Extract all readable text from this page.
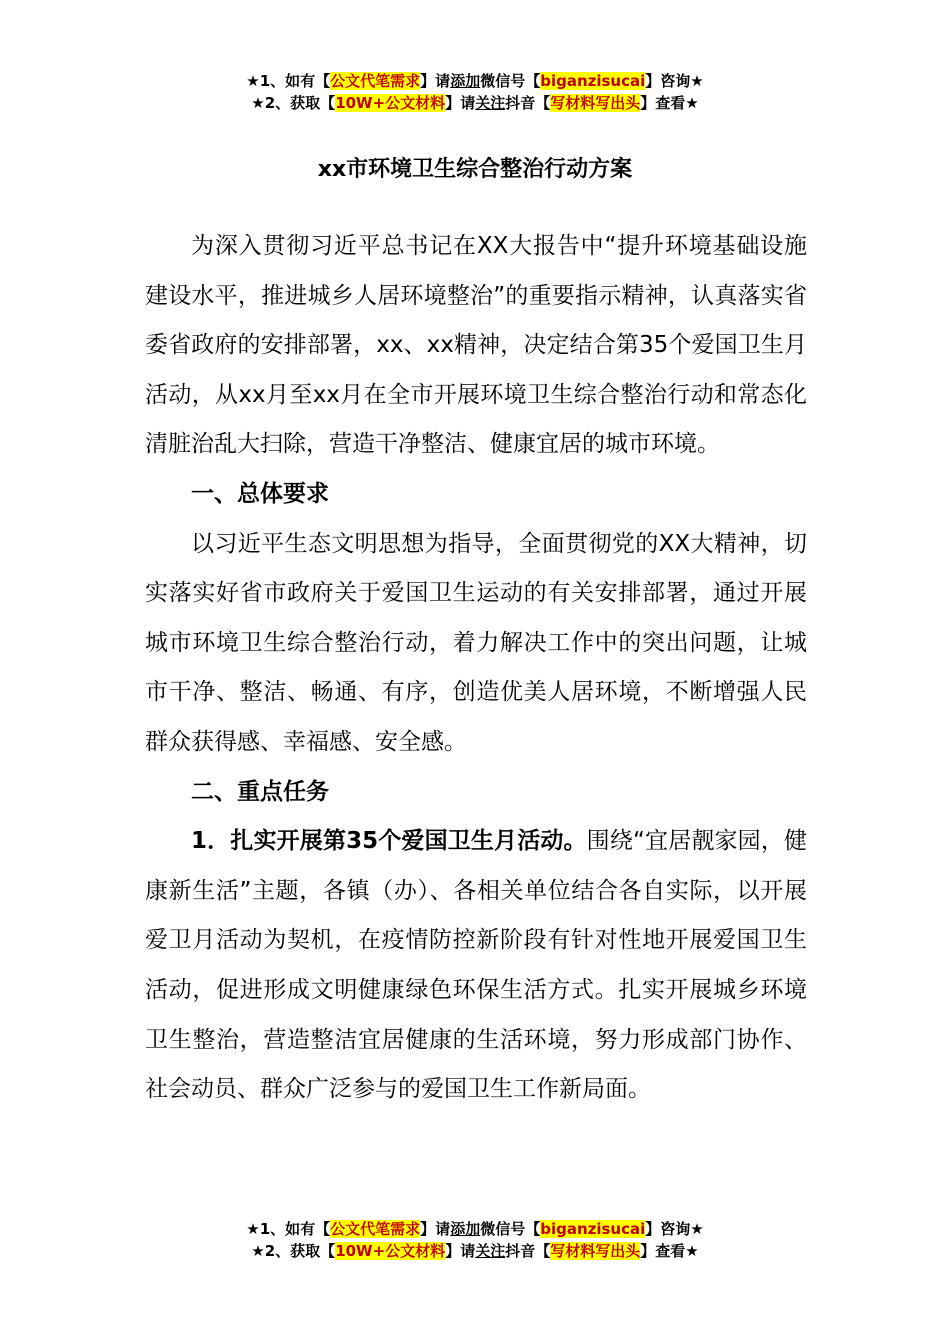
★1、如有【公文代笔需求】请添加微信号【biganzisucai】咨询★
★2、获取【10W+公文材料】请关注抖音【写材料写出头】查看★
xx市环境卫生综合整治行动方案

为深入贯彻习近平总书记在XX大报告中“提升环境基础设施建设水平，推进城乡人居环境整治”的重要指示精神，认真落实省委省政府的安排部署，xx、xx精神，决定结合第35个爱国卫生月活动，从xx月至xx月在全市开展环境卫生综合整治行动和常态化清脏治乱大扫除，营造干净整洁、健康宜居的城市环境。

一、总体要求

以习近平生态文明思想为指导，全面贯彻党的XX大精神，切实落实好省市政府关于爱国卫生运动的有关安排部署，通过开展城市环境卫生综合整治行动，着力解决工作中的突出问题，让城市干净、整洁、畅通、有序，创造优美人居环境，不断增强人民群众获得感、幸福感、安全感。

二、重点任务

1．扎实开展第35个爱国卫生月活动。围绕“宜居靓家园，健康新生活”主题，各镇（办）、各相关单位结合各自实际，以开展爱卫月活动为契机，在疫情防控新阶段有针对性地开展爱国卫生活动，促进形成文明健康绿色环保生活方式。扎实开展城乡环境卫生整治，营造整洁宜居健康的生活环境，努力形成部门协作、社会动员、群众广泛参与的爱国卫生工作新局面。

★1、如有【公文代笔需求】请添加微信号【biganzisucai】咨询★
★2、获取【10W+公文材料】请关注抖音【写材料写出头】查看★
